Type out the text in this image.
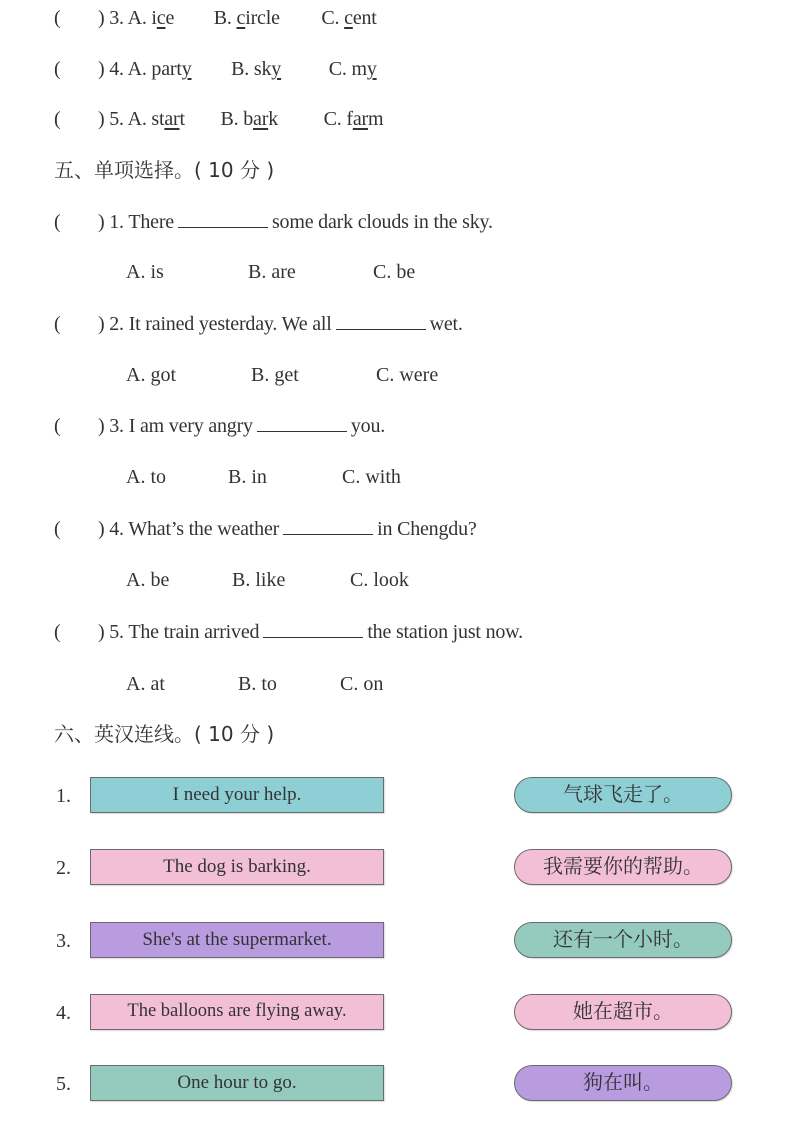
( ) 3. A. ice B. circle C. cent
( ) 4. A. party B. sky C. my
( ) 5. A. start B. bark C. farm
五、单项选择。( 10 分 )
( ) 1. There	some dark clouds in the sky.
A. is	B. are	C. be
( ) 2. It rained yesterday. We all	wet.
A. got	B. get	C. were
( ) 3. I am very angry	you.
A. to	B. in	C. with
( ) 4. What’s the weather	in Chengdu?
A. be	B. like	C. look
( ) 5. The train arrived	the station just now.
A. at	B. to	C. on
六、英汉连线。( 10 分 )
1.	I need your help.	气球飞走了。
2.	The dog is barking.	我需要你的帮助。
3.	She's at the supermarket.	还有一个小时。
4.	The balloons are flying away.	她在超市。
5.	One hour to go.	狗在叫。
